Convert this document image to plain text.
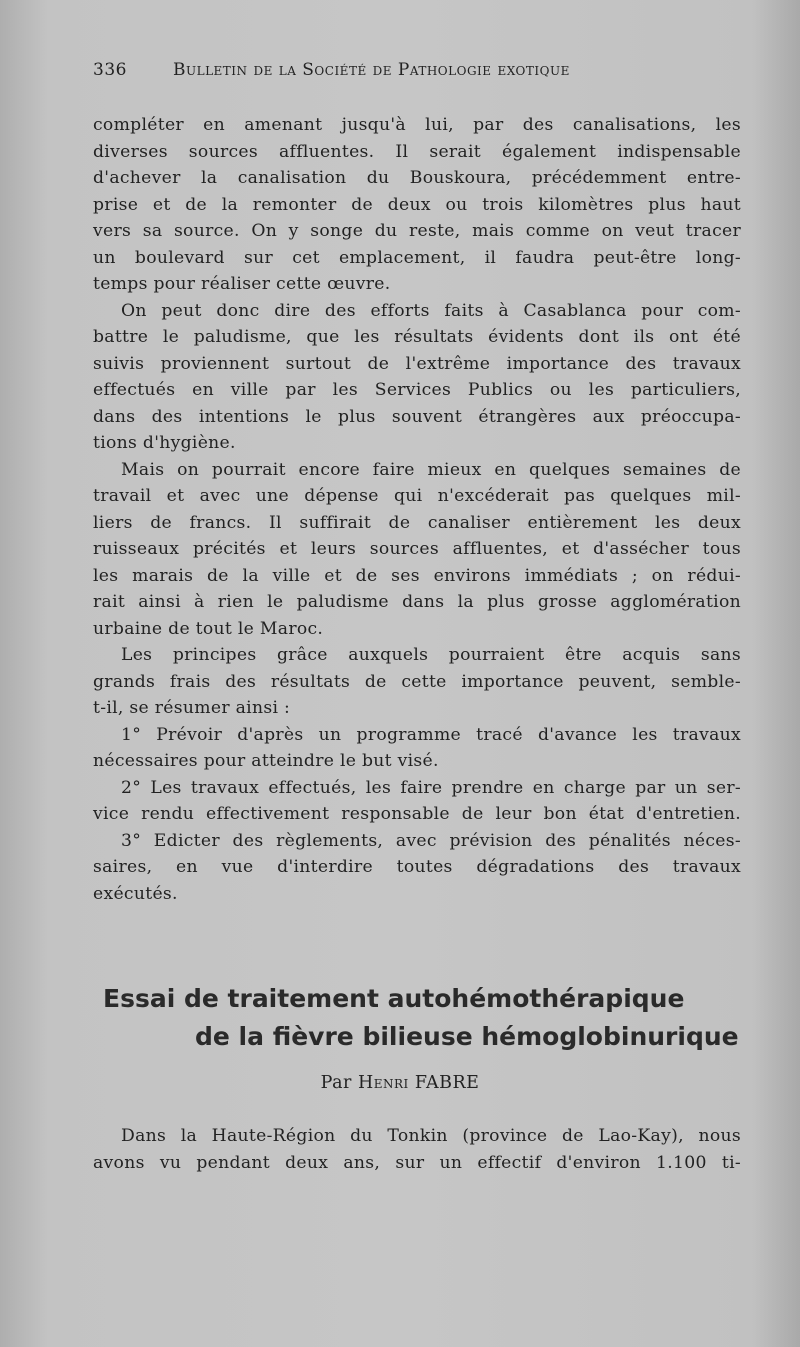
336	Bulletin de la Société de Pathologie exotique
compléter en amenant jusqu'à lui, par des canalisations, les
diverses sources affluentes. Il serait également indispensable
d'achever la canalisation du Bouskoura, précédemment entre-
prise et de la remonter de deux ou trois kilomètres plus haut
vers sa source. On y songe du reste, mais comme on veut tracer
un boulevard sur cet emplacement, il faudra peut-être long-
temps pour réaliser cette œuvre.
On peut donc dire des efforts faits à Casablanca pour com-
battre le paludisme, que les résultats évidents dont ils ont été
suivis proviennent surtout de l'extrême importance des travaux
effectués en ville par les Services Publics ou les particuliers,
dans des intentions le plus souvent étrangères aux préoccupa-
tions d'hygiène.
Mais on pourrait encore faire mieux en quelques semaines de
travail et avec une dépense qui n'excéderait pas quelques mil-
liers de francs. Il suffirait de canaliser entièrement les deux
ruisseaux précités et leurs sources affluentes, et d'assécher tous
les marais de la ville et de ses environs immédiats ; on rédui-
rait ainsi à rien le paludisme dans la plus grosse agglomération
urbaine de tout le Maroc.
Les principes grâce auxquels pourraient être acquis sans
grands frais des résultats de cette importance peuvent, semble-
t-il, se résumer ainsi :
1° Prévoir d'après un programme tracé d'avance les travaux
nécessaires pour atteindre le but visé.
2° Les travaux effectués, les faire prendre en charge par un ser-
vice rendu effectivement responsable de leur bon état d'entretien.
3° Edicter des règlements, avec prévision des pénalités néces-
saires, en vue d'interdire toutes dégradations des travaux
exécutés.
Essai de traitement autohémothérapique
de la fièvre bilieuse hémoglobinurique
Par Henri FABRE
Dans la Haute-Région du Tonkin (province de Lao-Kay), nous
avons vu pendant deux ans, sur un effectif d'environ 1.100 ti-
